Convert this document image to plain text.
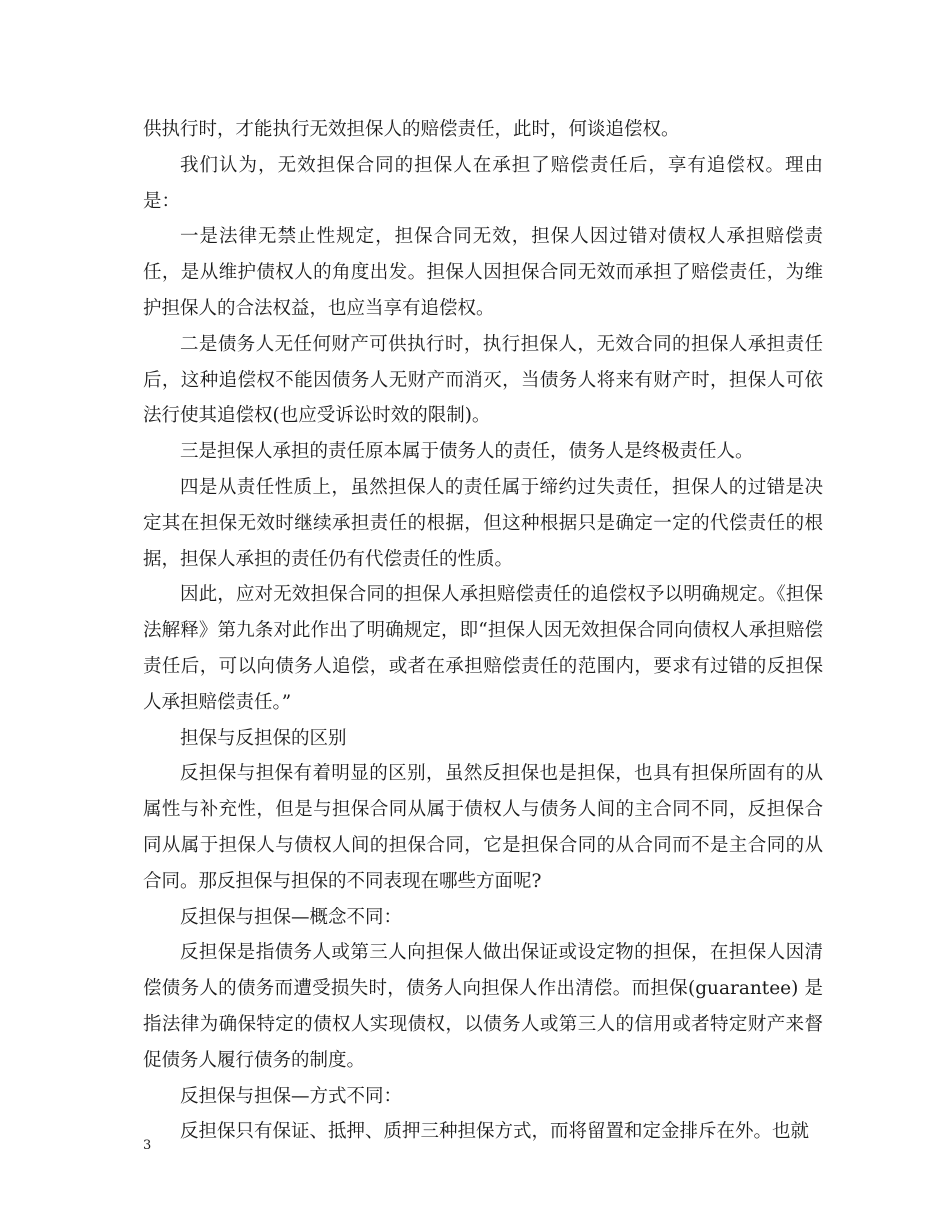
供执行时，才能执行无效担保人的赔偿责任，此时，何谈追偿权。

我们认为，无效担保合同的担保人在承担了赔偿责任后，享有追偿权。理由是：

一是法律无禁止性规定，担保合同无效，担保人因过错对债权人承担赔偿责任，是从维护债权人的角度出发。担保人因担保合同无效而承担了赔偿责任，为维护担保人的合法权益，也应当享有追偿权。

二是债务人无任何财产可供执行时，执行担保人，无效合同的担保人承担责任后，这种追偿权不能因债务人无财产而消灭，当债务人将来有财产时，担保人可依法行使其追偿权(也应受诉讼时效的限制)。

三是担保人承担的责任原本属于债务人的责任，债务人是终极责任人。

四是从责任性质上，虽然担保人的责任属于缔约过失责任，担保人的过错是决定其在担保无效时继续承担责任的根据，但这种根据只是确定一定的代偿责任的根据，担保人承担的责任仍有代偿责任的性质。

因此，应对无效担保合同的担保人承担赔偿责任的追偿权予以明确规定。《担保法解释》第九条对此作出了明确规定，即“担保人因无效担保合同向债权人承担赔偿责任后，可以向债务人追偿，或者在承担赔偿责任的范围内，要求有过错的反担保人承担赔偿责任。”

担保与反担保的区别

反担保与担保有着明显的区别，虽然反担保也是担保，也具有担保所固有的从属性与补充性，但是与担保合同从属于债权人与债务人间的主合同不同，反担保合同从属于担保人与债权人间的担保合同，它是担保合同的从合同而不是主合同的从合同。那反担保与担保的不同表现在哪些方面呢?

反担保与担保—概念不同：

反担保是指债务人或第三人向担保人做出保证或设定物的担保，在担保人因清偿债务人的债务而遭受损失时，债务人向担保人作出清偿。而担保(guarantee) 是指法律为确保特定的债权人实现债权，以债务人或第三人的信用或者特定财产来督促债务人履行债务的制度。

反担保与担保—方式不同：

反担保只有保证、抵押、质押三种担保方式，而将留置和定金排斥在外。也就

3
